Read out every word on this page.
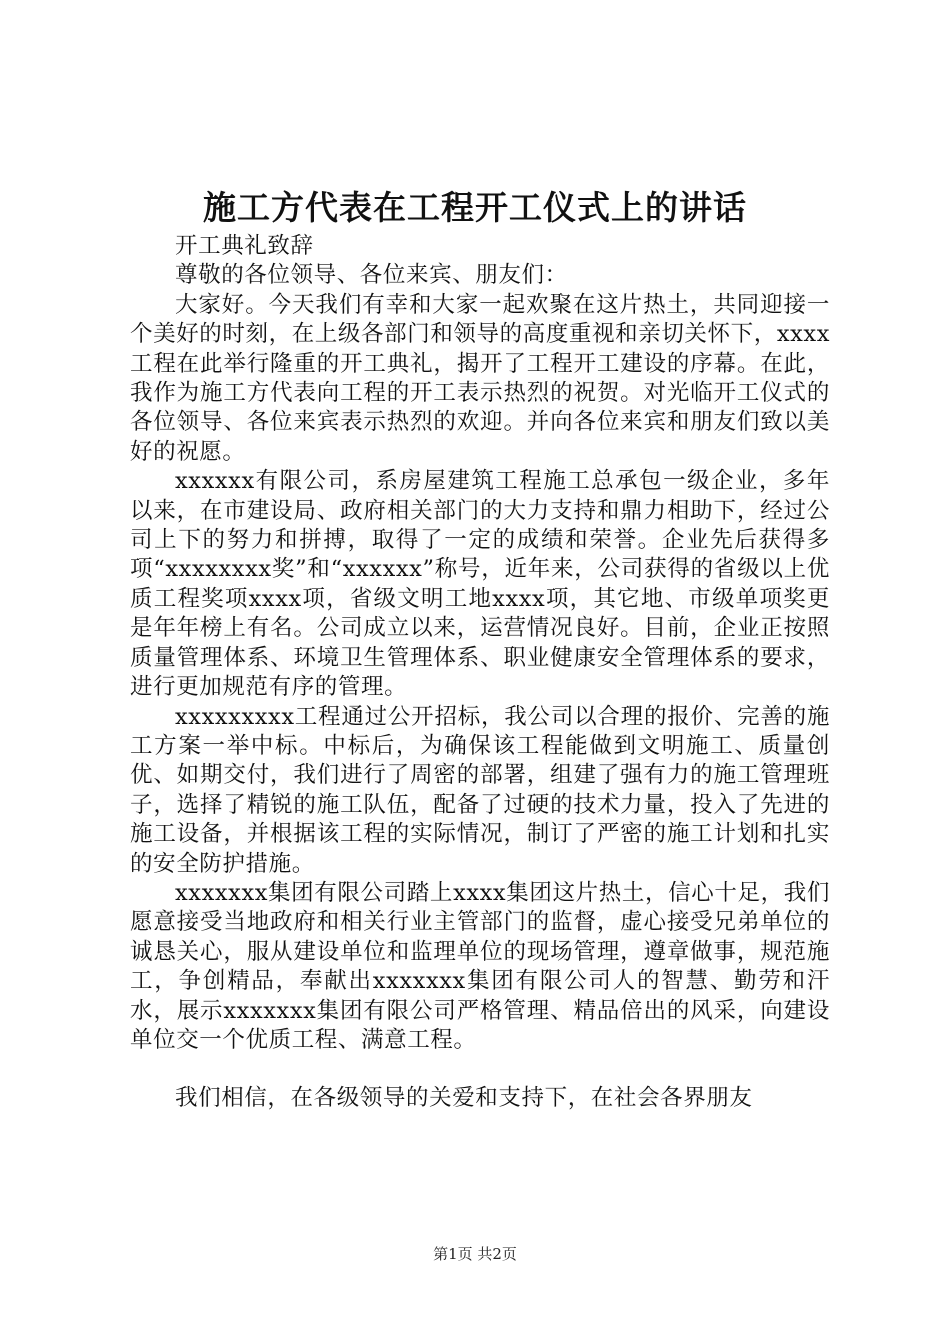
施工方代表在工程开工仪式上的讲话

开工典礼致辞

尊敬的各位领导、各位来宾、朋友们：

大家好。今天我们有幸和大家一起欢聚在这片热土，共同迎接一个美好的时刻，在上级各部门和领导的高度重视和亲切关怀下，xxxx工程在此举行隆重的开工典礼，揭开了工程开工建设的序幕。在此，我作为施工方代表向工程的开工表示热烈的祝贺。对光临开工仪式的各位领导、各位来宾表示热烈的欢迎。并向各位来宾和朋友们致以美好的祝愿。

xxxxxx有限公司，系房屋建筑工程施工总承包一级企业，多年以来，在市建设局、政府相关部门的大力支持和鼎力相助下，经过公司上下的努力和拼搏，取得了一定的成绩和荣誉。企业先后获得多项“xxxxxxxx奖”和“xxxxxx”称号，近年来，公司获得的省级以上优质工程奖项xxxx项，省级文明工地xxxx项，其它地、市级单项奖更是年年榜上有名。公司成立以来，运营情况良好。目前，企业正按照质量管理体系、环境卫生管理体系、职业健康安全管理体系的要求，进行更加规范有序的管理。

xxxxxxxxx工程通过公开招标，我公司以合理的报价、完善的施工方案一举中标。中标后，为确保该工程能做到文明施工、质量创优、如期交付，我们进行了周密的部署，组建了强有力的施工管理班子，选择了精锐的施工队伍，配备了过硬的技术力量，投入了先进的施工设备，并根据该工程的实际情况，制订了严密的施工计划和扎实的安全防护措施。

xxxxxxx集团有限公司踏上xxxx集团这片热土，信心十足，我们愿意接受当地政府和相关行业主管部门的监督，虚心接受兄弟单位的诚恳关心，服从建设单位和监理单位的现场管理，遵章做事，规范施工，争创精品，奉献出xxxxxxx集团有限公司人的智慧、勤劳和汗水，展示xxxxxxx集团有限公司严格管理、精品倍出的风采，向建设单位交一个优质工程、满意工程。

我们相信，在各级领导的关爱和支持下，在社会各界朋友

第1页 共2页
